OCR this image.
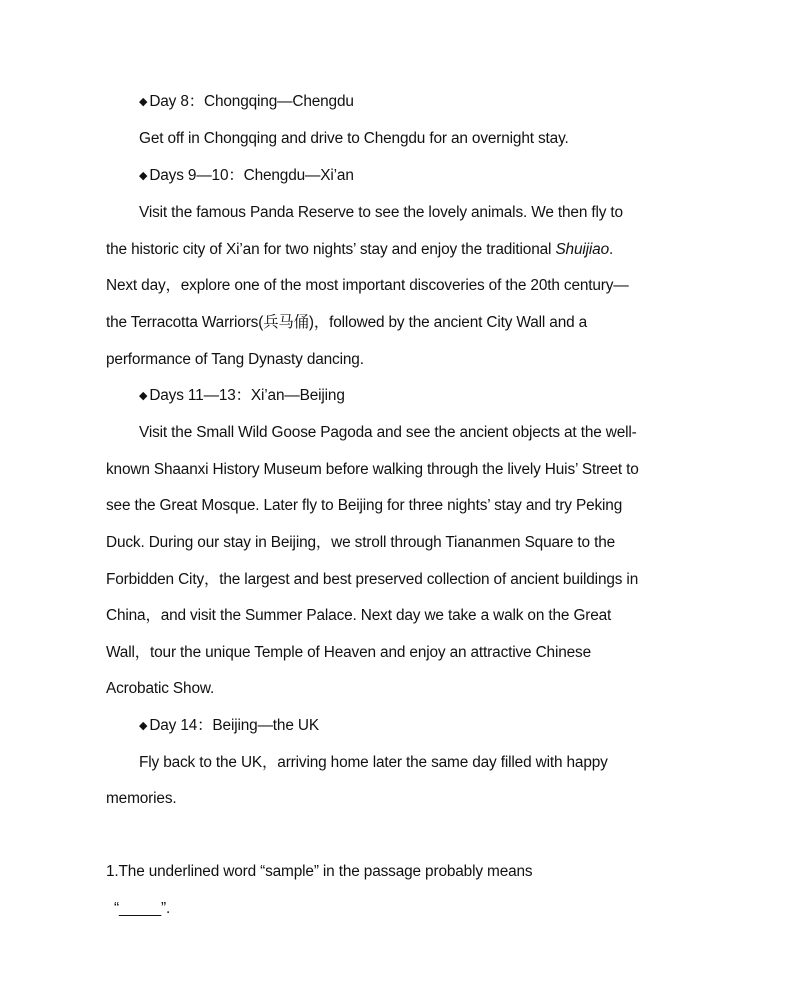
◆ Day 8：Chongqing—Chengdu
Get off in Chongqing and drive to Chengdu for an overnight stay.
◆ Days 9—10：Chengdu—Xi’an
Visit the famous Panda Reserve to see the lovely animals. We then fly to
the historic city of Xi’an for two nights’ stay and enjoy the traditional Shuijiao.
Next day，explore one of the most important discoveries of the 20th century—
the Terracotta Warriors(兵马俑)，followed by the ancient City Wall and a
performance of Tang Dynasty dancing.
◆ Days 11—13：Xi’an—Beijing
Visit the Small Wild Goose Pagoda and see the ancient objects at the well-
known Shaanxi History Museum before walking through the lively Huis’ Street to
see the Great Mosque. Later fly to Beijing for three nights’ stay and try Peking
Duck. During our stay in Beijing，we stroll through Tiananmen Square to the
Forbidden City，the largest and best preserved collection of ancient buildings in
China，and visit the Summer Palace. Next day we take a walk on the Great
Wall，tour the unique Temple of Heaven and enjoy an attractive Chinese
Acrobatic Show.
◆ Day 14：Beijing—the UK
Fly back to the UK，arriving home later the same day filled with happy
memories.
1.The underlined word “sample” in the passage probably means
“_____”.
